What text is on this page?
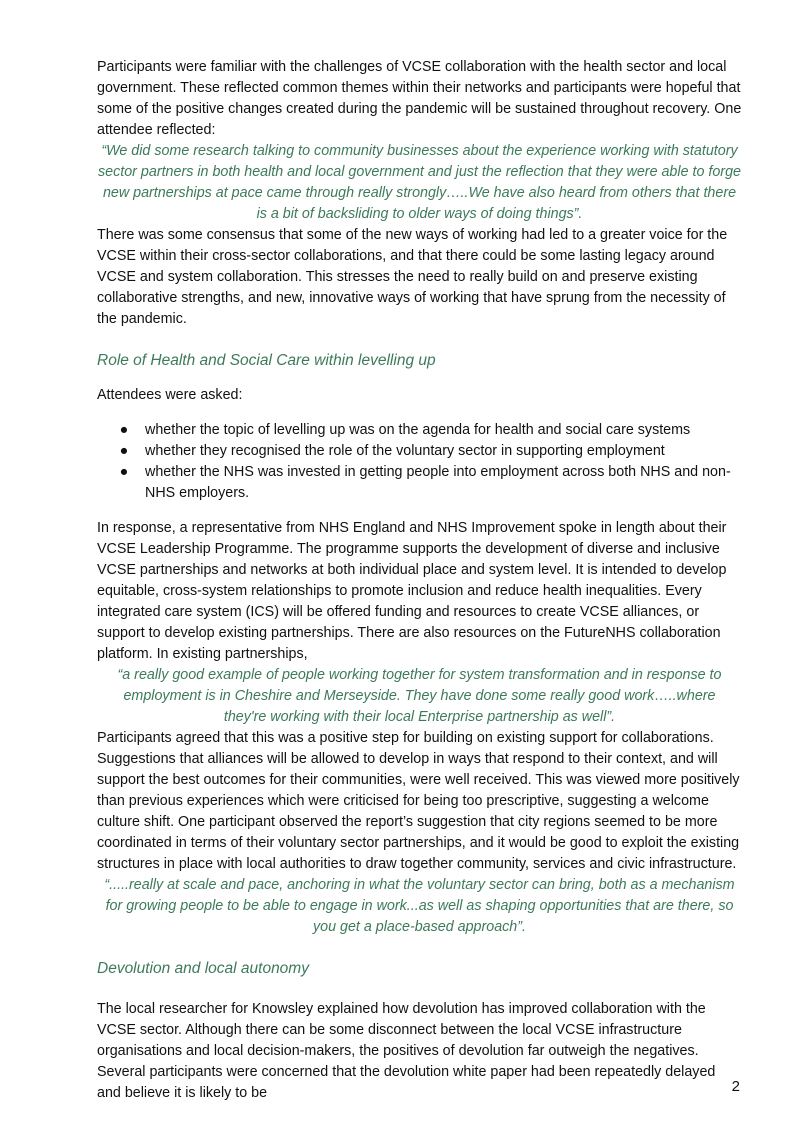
Participants were familiar with the challenges of VCSE collaboration with the health sector and local government. These reflected common themes within their networks and participants were hopeful that some of the positive changes created during the pandemic will be sustained throughout recovery. One attendee reflected:

“We did some research talking to community businesses about the experience working with statutory sector partners in both health and local government and just the reflection that they were able to forge new partnerships at pace came through really strongly…..We have also heard from others that there is a bit of backsliding to older ways of doing things”.

There was some consensus that some of the new ways of working had led to a greater voice for the VCSE within their cross-sector collaborations, and that there could be some lasting legacy around VCSE and system collaboration. This stresses the need to really build on and preserve existing collaborative strengths, and new, innovative ways of working that have sprung from the necessity of the pandemic.

Role of Health and Social Care within levelling up

Attendees were asked:

● whether the topic of levelling up was on the agenda for health and social care systems
● whether they recognised the role of the voluntary sector in supporting employment
● whether the NHS was invested in getting people into employment across both NHS and non-NHS employers.

In response, a representative from NHS England and NHS Improvement spoke in length about their VCSE Leadership Programme. The programme supports the development of diverse and inclusive VCSE partnerships and networks at both individual place and system level. It is intended to develop equitable, cross-system relationships to promote inclusion and reduce health inequalities. Every integrated care system (ICS) will be offered funding and resources to create VCSE alliances, or support to develop existing partnerships. There are also resources on the FutureNHS collaboration platform. In existing partnerships,

“a really good example of people working together for system transformation and in response to employment is in Cheshire and Merseyside. They have done some really good work…..where they're working with their local Enterprise partnership as well”.

Participants agreed that this was a positive step for building on existing support for collaborations. Suggestions that alliances will be allowed to develop in ways that respond to their context, and will support the best outcomes for their communities, were well received. This was viewed more positively than previous experiences which were criticised for being too prescriptive, suggesting a welcome culture shift. One participant observed the report’s suggestion that city regions seemed to be more coordinated in terms of their voluntary sector partnerships, and it would be good to exploit the existing structures in place with local authorities to draw together community, services and civic infrastructure.

“.....really at scale and pace, anchoring in what the voluntary sector can bring, both as a mechanism for growing people to be able to engage in work...as well as shaping opportunities that are there, so you get a place-based approach”.

Devolution and local autonomy

The local researcher for Knowsley explained how devolution has improved collaboration with the VCSE sector. Although there can be some disconnect between the local VCSE infrastructure organisations and local decision-makers, the positives of devolution far outweigh the negatives. Several participants were concerned that the devolution white paper had been repeatedly delayed and believe it is likely to be	2
